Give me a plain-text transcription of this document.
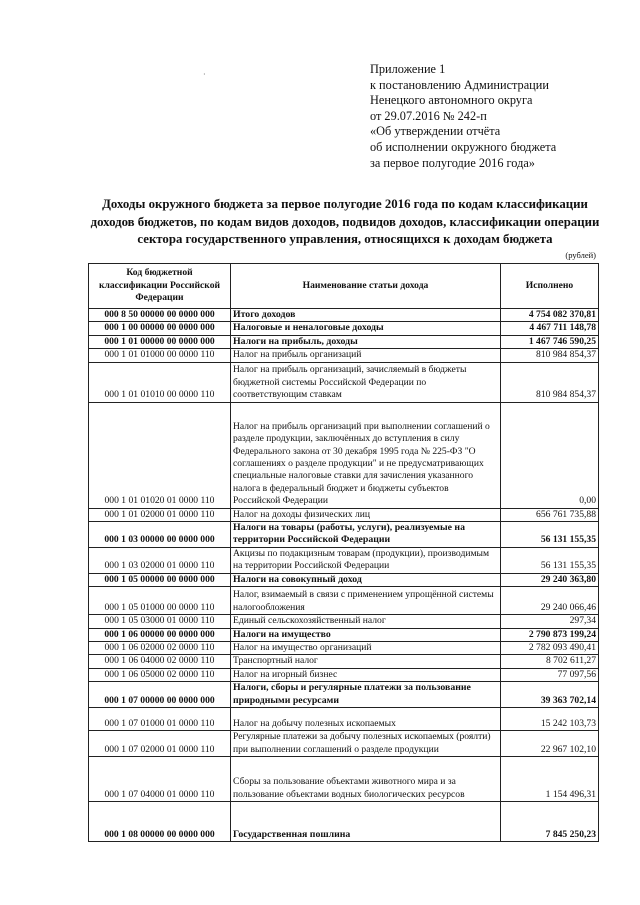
·	Приложение 1
к постановлению Администрации
Ненецкого автономного округа
от 29.07.2016 № 242-п
«Об утверждении отчёта
об исполнении окружного бюджета
за первое полугодие 2016 года»
Доходы окружного бюджета за первое полугодие 2016 года по кодам классификации
доходов бюджетов, по кодам видов доходов, подвидов доходов, классификации операции
сектора государственного управления, относящихся к доходам бюджета
(рублей)
Код бюджетной классификации Российской Федерации	Наименование статьи дохода	Исполнено
000 8 50 00000 00 0000 000	Итого доходов	4 754 082 370,81
000 1 00 00000 00 0000 000	Налоговые и неналоговые доходы	4 467 711 148,78
000 1 01 00000 00 0000 000	Налоги на прибыль, доходы	1 467 746 590,25
000 1 01 01000 00 0000 110	Налог на прибыль организаций	810 984 854,37
000 1 01 01010 00 0000 110	Налог на прибыль организаций, зачисляемый в бюджеты бюджетной системы Российской Федерации по соответствующим ставкам	810 984 854,37
000 1 01 01020 01 0000 110	Налог на прибыль организаций при выполнении соглашений о разделе продукции, заключённых до вступления в силу Федерального закона от 30 декабря 1995 года № 225-ФЗ "О соглашениях о разделе продукции" и не предусматривающих специальные налоговые ставки для зачисления указанного налога в федеральный бюджет и бюджеты субъектов Российской Федерации	0,00
000 1 01 02000 01 0000 110	Налог на доходы физических лиц	656 761 735,88
000 1 03 00000 00 0000 000	Налоги на товары (работы, услуги), реализуемые на территории Российской Федерации	56 131 155,35
000 1 03 02000 01 0000 110	Акцизы по подакцизным товарам (продукции), производимым на территории Российской Федерации	56 131 155,35
000 1 05 00000 00 0000 000	Налоги на совокупный доход	29 240 363,80
000 1 05 01000 00 0000 110	Налог, взимаемый в связи с применением упрощённой системы налогообложения	29 240 066,46
000 1 05 03000 01 0000 110	Единый сельскохозяйственный налог	297,34
000 1 06 00000 00 0000 000	Налоги на имущество	2 790 873 199,24
000 1 06 02000 02 0000 110	Налог на имущество организаций	2 782 093 490,41
000 1 06 04000 02 0000 110	Транспортный налог	8 702 611,27
000 1 06 05000 02 0000 110	Налог на игорный бизнес	77 097,56
000 1 07 00000 00 0000 000	Налоги, сборы и регулярные платежи за пользование природными ресурсами	39 363 702,14
000 1 07 01000 01 0000 110	Налог на добычу полезных ископаемых	15 242 103,73
000 1 07 02000 01 0000 110	Регулярные платежи за добычу полезных ископаемых (роялти) при выполнении соглашений о разделе продукции	22 967 102,10
000 1 07 04000 01 0000 110	Сборы за пользование объектами животного мира и за пользование объектами водных биологических ресурсов	1 154 496,31
000 1 08 00000 00 0000 000	Государственная пошлина	7 845 250,23
